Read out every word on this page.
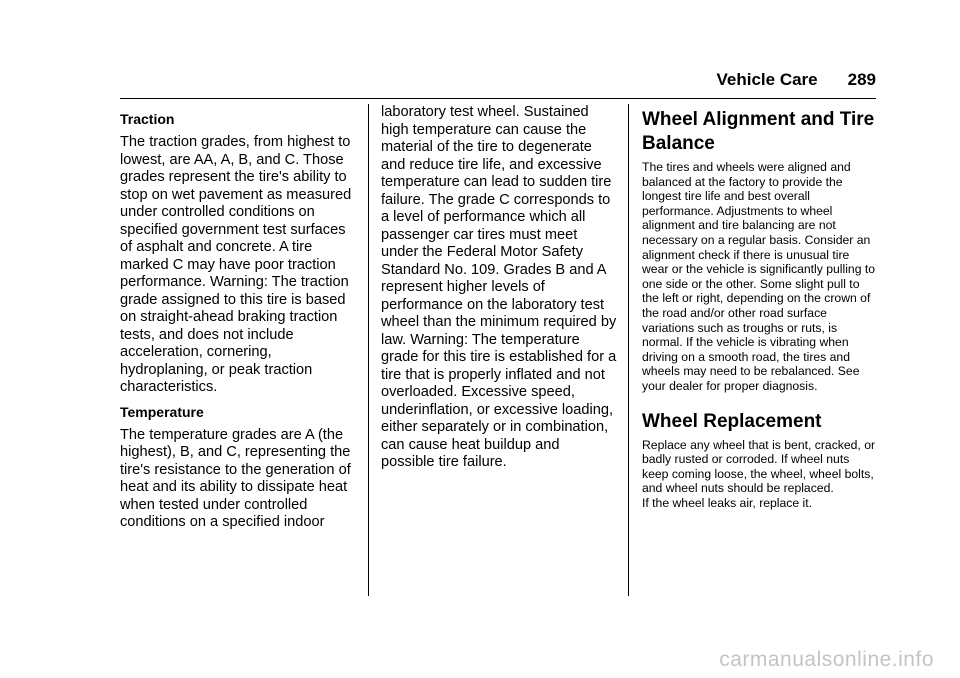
Vehicle Care 289
Traction

The traction grades, from highest to lowest, are AA, A, B, and C. Those grades represent the tire's ability to stop on wet pavement as measured under controlled conditions on specified government test surfaces of asphalt and concrete. A tire marked C may have poor traction performance. Warning: The traction grade assigned to this tire is based on straight-ahead braking traction tests, and does not include acceleration, cornering, hydroplaning, or peak traction characteristics.

Temperature

The temperature grades are A (the highest), B, and C, representing the tire's resistance to the generation of heat and its ability to dissipate heat when tested under controlled conditions on a specified indoor

laboratory test wheel. Sustained high temperature can cause the material of the tire to degenerate and reduce tire life, and excessive temperature can lead to sudden tire failure. The grade C corresponds to a level of performance which all passenger car tires must meet under the Federal Motor Safety Standard No. 109. Grades B and A represent higher levels of performance on the laboratory test wheel than the minimum required by law. Warning: The temperature grade for this tire is established for a tire that is properly inflated and not overloaded. Excessive speed, underinflation, or excessive loading, either separately or in combination, can cause heat buildup and possible tire failure.

Wheel Alignment and Tire Balance

The tires and wheels were aligned and balanced at the factory to provide the longest tire life and best overall performance. Adjustments to wheel alignment and tire balancing are not necessary on a regular basis. Consider an alignment check if there is unusual tire wear or the vehicle is significantly pulling to one side or the other. Some slight pull to the left or right, depending on the crown of the road and/or other road surface variations such as troughs or ruts, is normal. If the vehicle is vibrating when driving on a smooth road, the tires and wheels may need to be rebalanced. See your dealer for proper diagnosis.

Wheel Replacement

Replace any wheel that is bent, cracked, or badly rusted or corroded. If wheel nuts keep coming loose, the wheel, wheel bolts, and wheel nuts should be replaced.

If the wheel leaks air, replace it.

carmanualsonline.info
